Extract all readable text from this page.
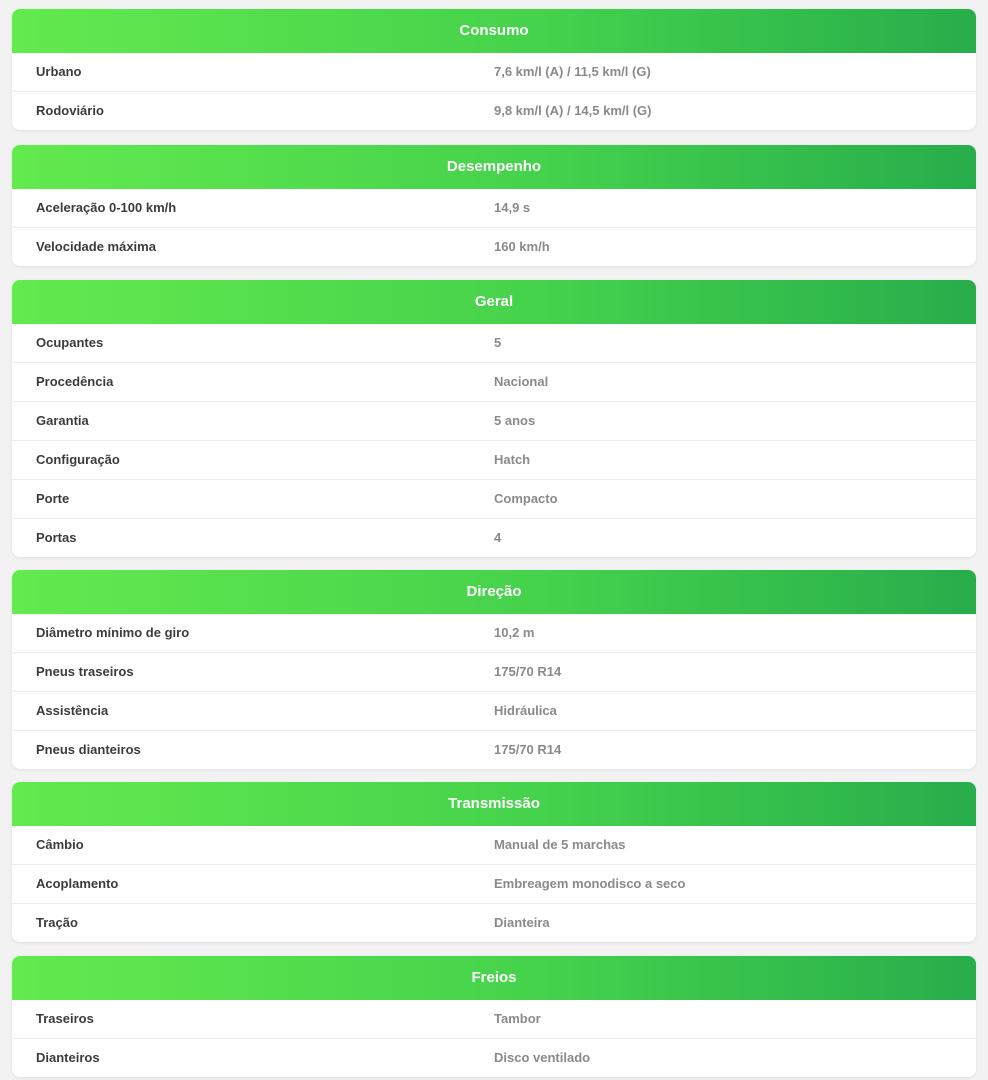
Consumo
Urbano	7,6 km/l (A) / 11,5 km/l (G)
Rodoviário	9,8 km/l (A) / 14,5 km/l (G)
Desempenho
Aceleração 0-100 km/h	14,9 s
Velocidade máxima	160 km/h
Geral
Ocupantes	5
Procedência	Nacional
Garantia	5 anos
Configuração	Hatch
Porte	Compacto
Portas	4
Direção
Diâmetro mínimo de giro	10,2 m
Pneus traseiros	175/70 R14
Assistência	Hidráulica
Pneus dianteiros	175/70 R14
Transmissão
Câmbio	Manual de 5 marchas
Acoplamento	Embreagem monodisco a seco
Tração	Dianteira
Freios
Traseiros	Tambor
Dianteiros	Disco ventilado
